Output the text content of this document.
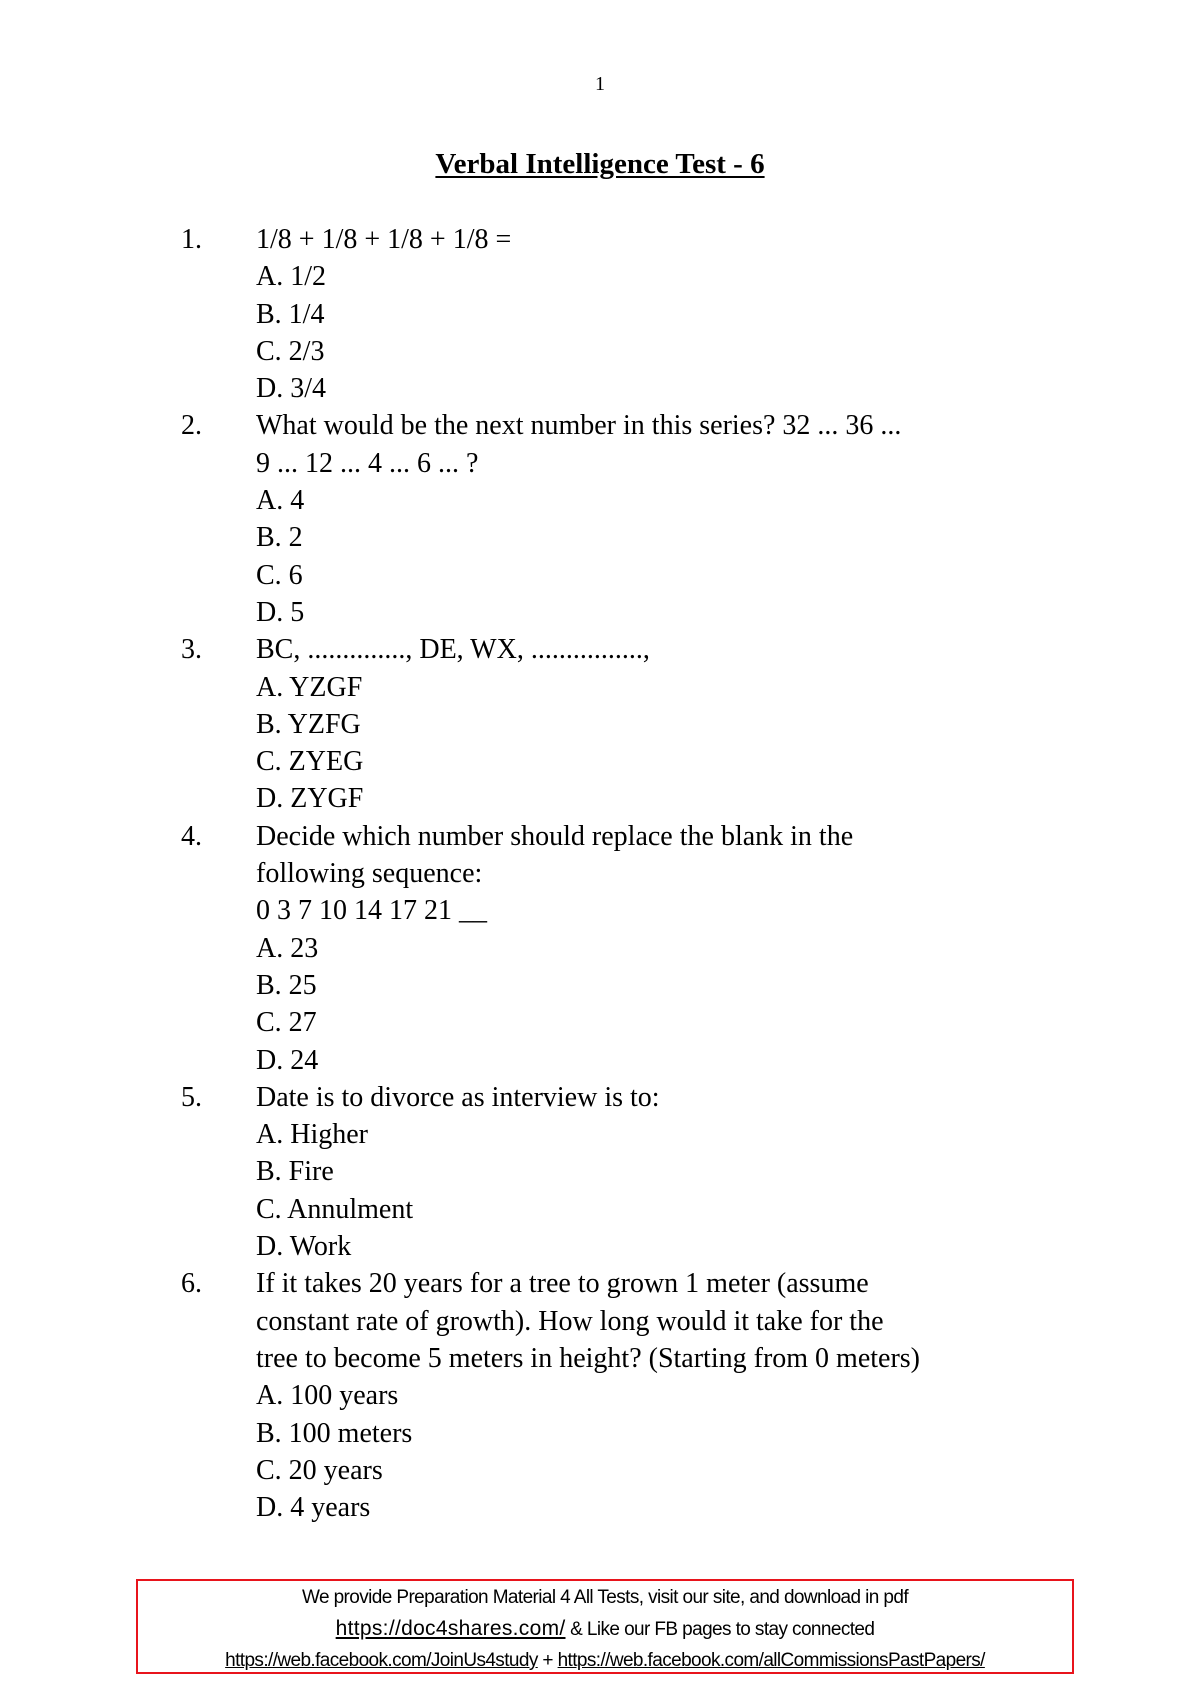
1
Verbal Intelligence Test - 6
1. 1/8 + 1/8 + 1/8 + 1/8 =
A. 1/2
B. 1/4
C. 2/3
D. 3/4
2. What would be the next number in this series? 32 ... 36 ...
9 ... 12 ... 4 ... 6 ... ?
A. 4
B. 2
C. 6
D. 5
3. BC, .............., DE, WX, ................,
A. YZGF
B. YZFG
C. ZYEG
D. ZYGF
4. Decide which number should replace the blank in the
following sequence:
0 3 7 10 14 17 21 __
A. 23
B. 25
C. 27
D. 24
5. Date is to divorce as interview is to:
A. Higher
B. Fire
C. Annulment
D. Work
6. If it takes 20 years for a tree to grown 1 meter (assume
constant rate of growth). How long would it take for the
tree to become 5 meters in height? (Starting from 0 meters)
A. 100 years
B. 100 meters
C. 20 years
D. 4 years
We provide Preparation Material 4 All Tests, visit our site, and download in pdf
https://doc4shares.com/ & Like our FB pages to stay connected
https://web.facebook.com/JoinUs4study + https://web.facebook.com/allCommissionsPastPapers/
